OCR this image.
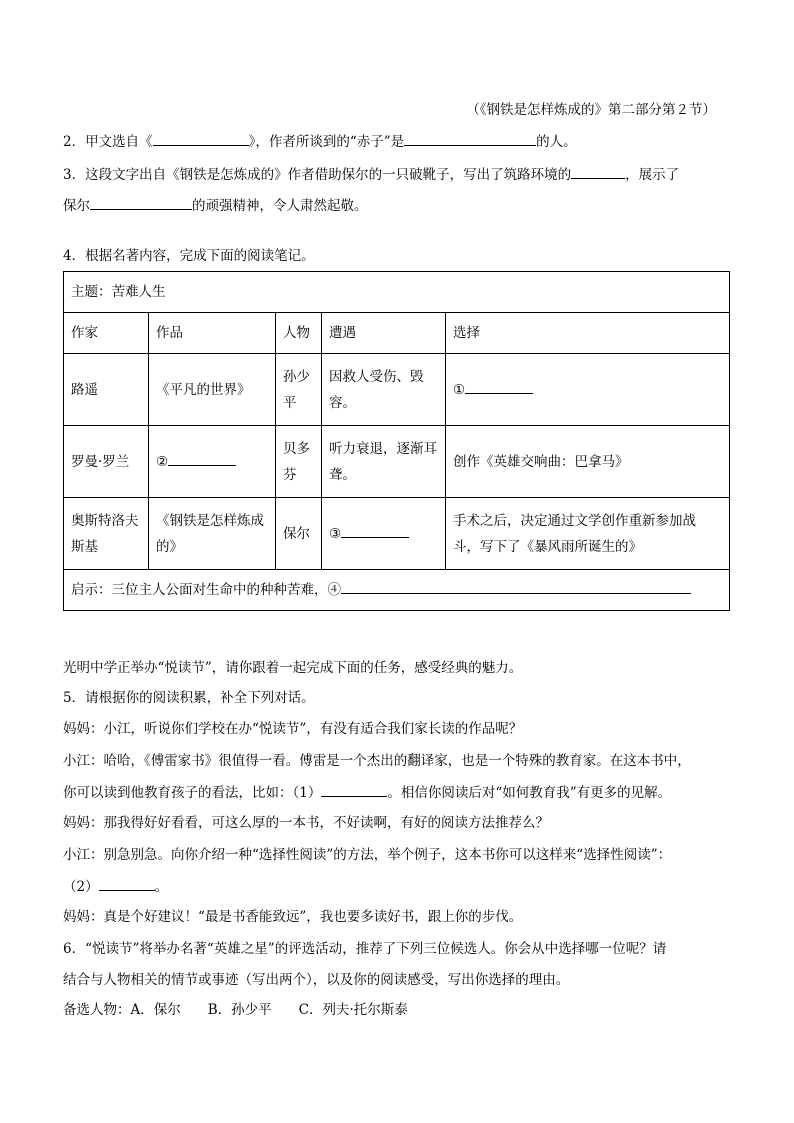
（《钢铁是怎样炼成的》第二部分第２节）
2．甲文选自《	》，作者所谈到的“赤子”是	的人。
3．这段文字出自《钢铁是怎炼成的》作者借助保尔的一只破靴子，写出了筑路环境的	，展示了
保尔	的顽强精神，令人肃然起敬。
4．根据名著内容，完成下面的阅读笔记。
主题：苦难人生				
作家	作品	人物	遭遇	选择
路遥	《平凡的世界》	孙少平	因救人受伤、毁容。	①
罗曼·罗兰	②	贝多芬	听力衰退，逐渐耳聋。	创作《英雄交响曲：巴拿马》
奥斯特洛夫斯基	《钢铁是怎样炼成的》	保尔	③	手术之后，决定通过文学创作重新参加战斗，写下了《暴风雨所诞生的》
启示：三位主人公面对生命中的种种苦难，④				
光明中学正举办“悦读节”，请你跟着一起完成下面的任务，感受经典的魅力。
5．请根据你的阅读积累，补全下列对话。
妈妈：小江，听说你们学校在办“悦读节”，有没有适合我们家长读的作品呢？
小江：哈哈，《傅雷家书》很值得一看。傅雷是一个杰出的翻译家，也是一个特殊的教育家。在这本书中，
你可以读到他教育孩子的看法，比如：（1）	。相信你阅读后对“如何教育我”有更多的见解。
妈妈：那我得好好看看，可这么厚的一本书，不好读啊，有好的阅读方法推荐么？
小江：别急别急。向你介绍一种“选择性阅读”的方法，举个例子，这本书你可以这样来“选择性阅读”：
（2）	。
妈妈：真是个好建议！“最是书香能致远”，我也要多读好书，跟上你的步伐。
6．“悦读节”将举办名著“英雄之星”的评选活动，推荐了下列三位候选人。你会从中选择哪一位呢？请
结合与人物相关的情节或事迹（写出两个），以及你的阅读感受，写出你选择的理由。
备选人物：A．保尔　　B．孙少平　　C．列夫·托尔斯泰
